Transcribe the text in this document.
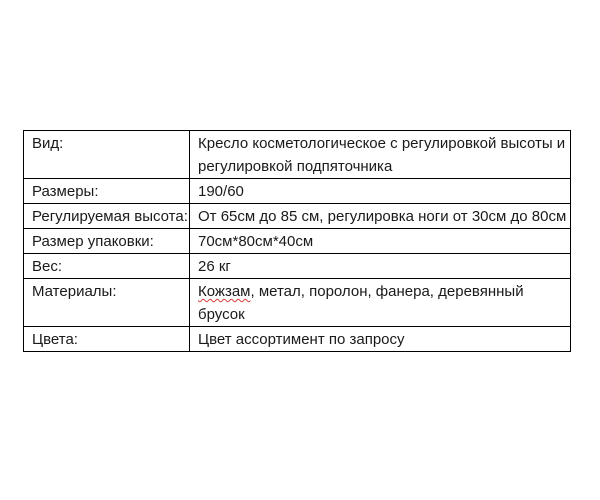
Вид:	Кресло косметологическое с регулировкой высоты и регулировкой подпяточника
Размеры:	190/60
Регулируемая высота:	От 65см до 85 см, регулировка ноги от 30см до 80см
Размер упаковки:	70см*80см*40см
Вес:	26 кг
Материалы:	Кожзам, метал, поролон, фанера, деревянный брусок
Цвета:	Цвет ассортимент по запросу
